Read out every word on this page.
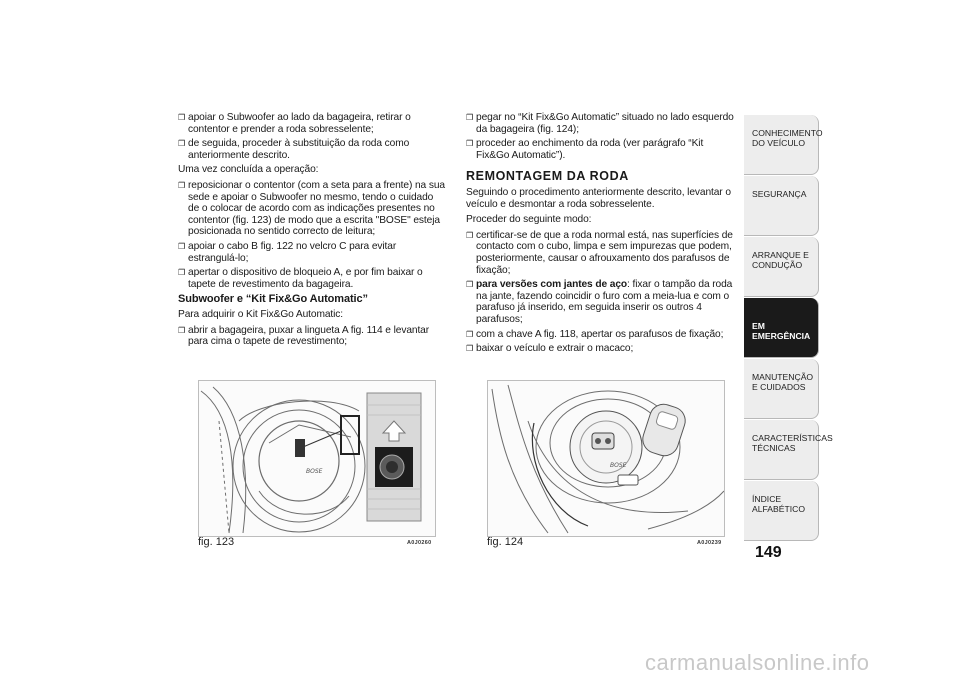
❒ apoiar o Subwoofer ao lado da bagageira, retirar o contentor e prender a roda sobresselente;

❒ de seguida, proceder à substituição da roda como anteriormente descrito.

Uma vez concluída a operação:

❒ reposicionar o contentor (com a seta para a frente) na sua sede e apoiar o Subwoofer no mesmo, tendo o cuidado de o colocar de acordo com as indicações presentes no contentor (fig. 123) de modo que a escrita "BOSE" esteja posicionada no sentido correcto de leitura;

❒ apoiar o cabo B fig. 122 no velcro C para evitar estrangulá-lo;

❒ apertar o dispositivo de bloqueio A, e por fim baixar o tapete de revestimento da bagageira.

Subwoofer e “Kit Fix&Go Automatic”

Para adquirir o Kit Fix&Go Automatic:

❒ abrir a bagageira, puxar a lingueta A fig. 114 e levantar para cima o tapete de revestimento;

❒ pegar no “Kit Fix&Go Automatic” situado no lado esquerdo da bagageira (fig. 124);

❒ proceder ao enchimento da roda (ver parágrafo “Kit Fix&Go Automatic”).

REMONTAGEM DA RODA

Seguindo o procedimento anteriormente descrito, levantar o veículo e desmontar a roda sobresselente.

Proceder do seguinte modo:

❒ certificar-se de que a roda normal está, nas superfícies de contacto com o cubo, limpa e sem impurezas que podem, posteriormente, causar o afrouxamento dos parafusos de fixação;

❒ para versões com jantes de aço: fixar o tampão da roda na jante, fazendo coincidir o furo com a meia-lua e com o parafuso já inserido, em seguida inserir os outros 4 parafusos;

❒ com a chave A fig. 118, apertar os parafusos de fixação;

❒ baixar o veículo e extrair o macaco;

BOSE
fig. 123	A0J0260
BOSE
fig. 124	A0J0239
CONHECIMENTO DO VEÍCULO
SEGURANÇA
ARRANQUE E CONDUÇÃO
EM EMERGÊNCIA
MANUTENÇÃO E CUIDADOS
CARACTERÍSTICAS TÉCNICAS
ÍNDICE ALFABÉTICO
149
carmanualsonline.info
